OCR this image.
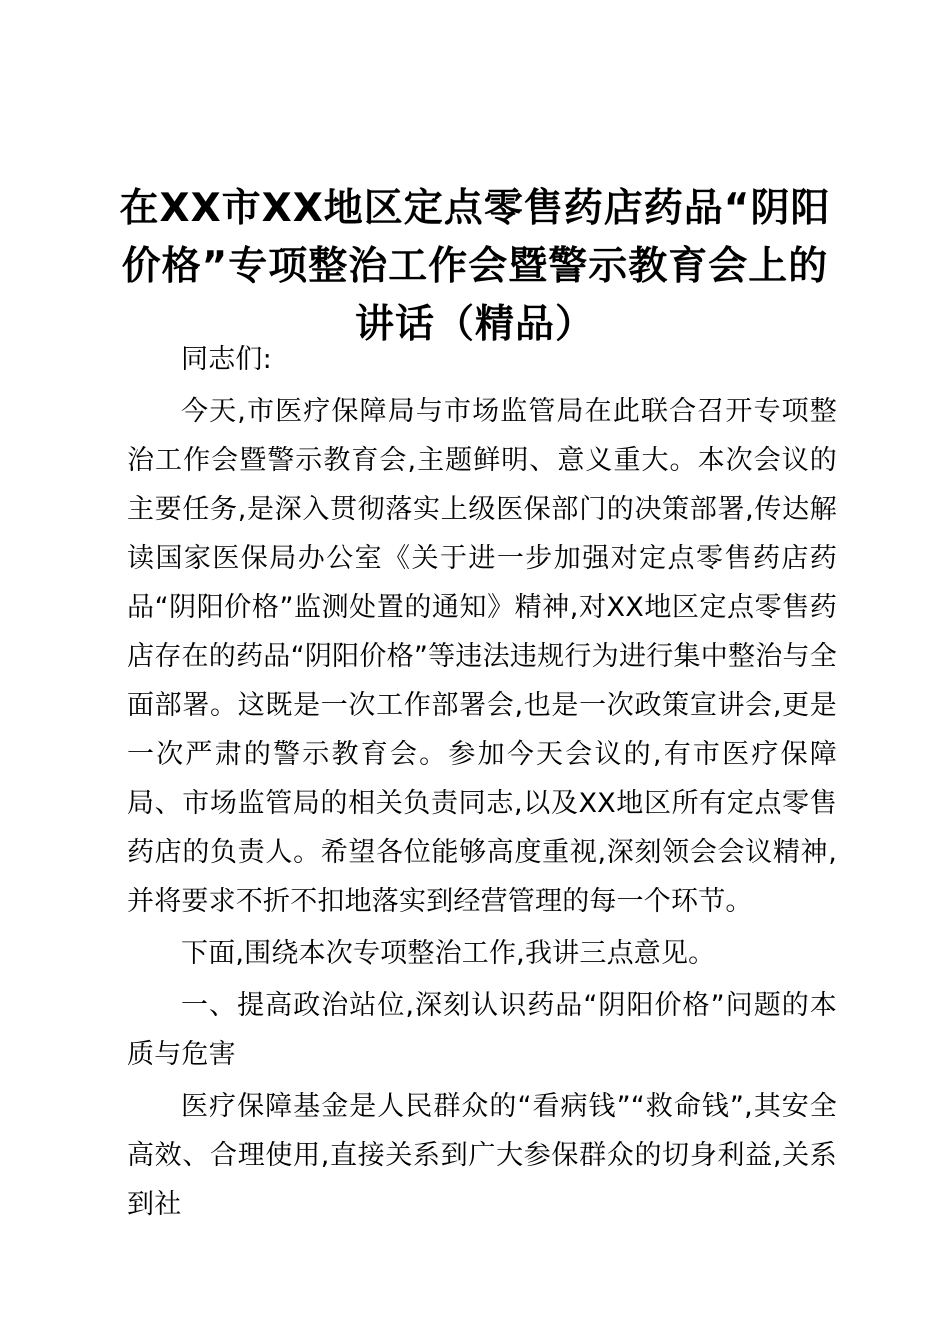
在XX市XX地区定点零售药店药品“阴阳价格”专项整治工作会暨警示教育会上的讲话（精品）

同志们:

今天,市医疗保障局与市场监管局在此联合召开专项整治工作会暨警示教育会,主题鲜明、意义重大。本次会议的主要任务,是深入贯彻落实上级医保部门的决策部署,传达解读国家医保局办公室《关于进一步加强对定点零售药店药品“阴阳价格”监测处置的通知》精神,对XX地区定点零售药店存在的药品“阴阳价格”等违法违规行为进行集中整治与全面部署。这既是一次工作部署会,也是一次政策宣讲会,更是一次严肃的警示教育会。参加今天会议的,有市医疗保障局、市场监管局的相关负责同志,以及XX地区所有定点零售药店的负责人。希望各位能够高度重视,深刻领会会议精神,并将要求不折不扣地落实到经营管理的每一个环节。

下面,围绕本次专项整治工作,我讲三点意见。

一、提高政治站位,深刻认识药品“阴阳价格”问题的本质与危害

医疗保障基金是人民群众的“看病钱”“救命钱”,其安全高效、合理使用,直接关系到广大参保群众的切身利益,关系到社
